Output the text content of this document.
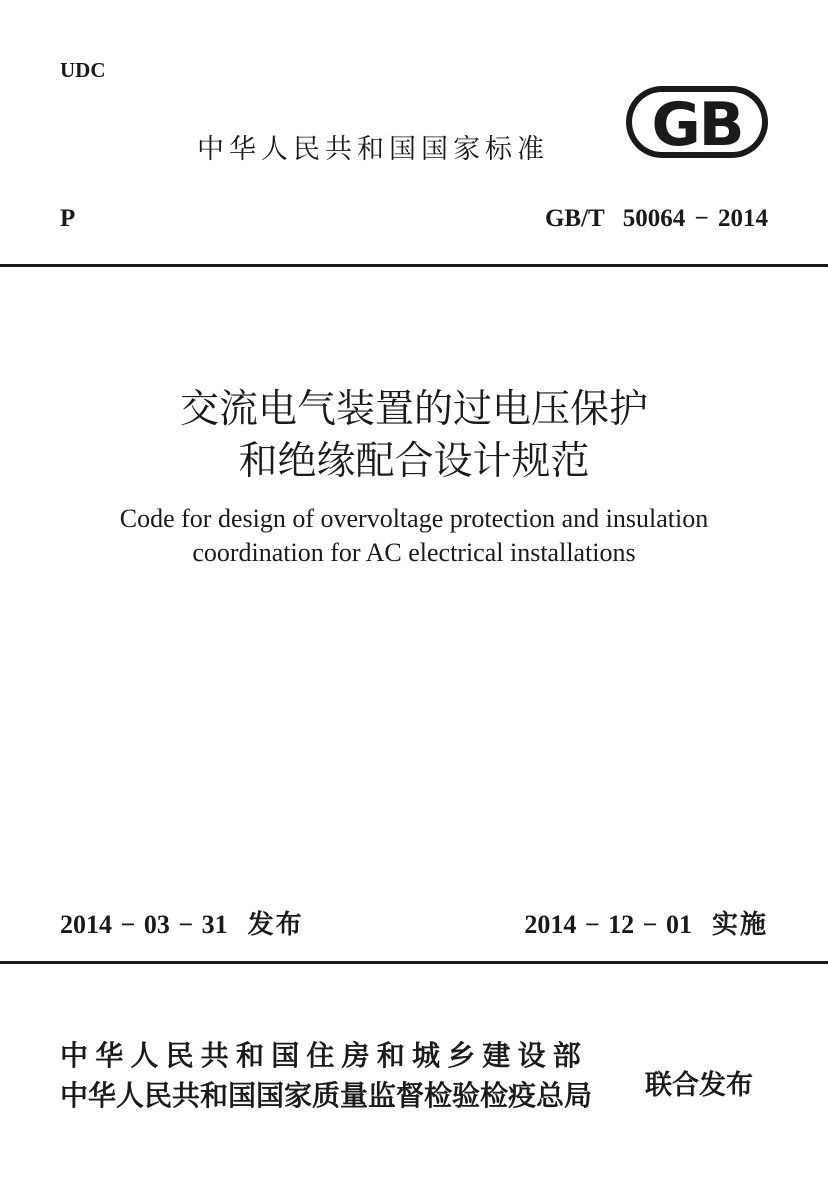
UDC
中华人民共和国国家标准 GB
P	GB/T  50064 − 2014
交流电气装置的过电压保护
和绝缘配合设计规范
Code for design of overvoltage protection and insulation
coordination for AC electrical installations
2014 − 03 − 31 发布	2014 − 12 − 01 实施
中华人民共和国住房和城乡建设部
中华人民共和国国家质量监督检验检疫总局 联合发布
